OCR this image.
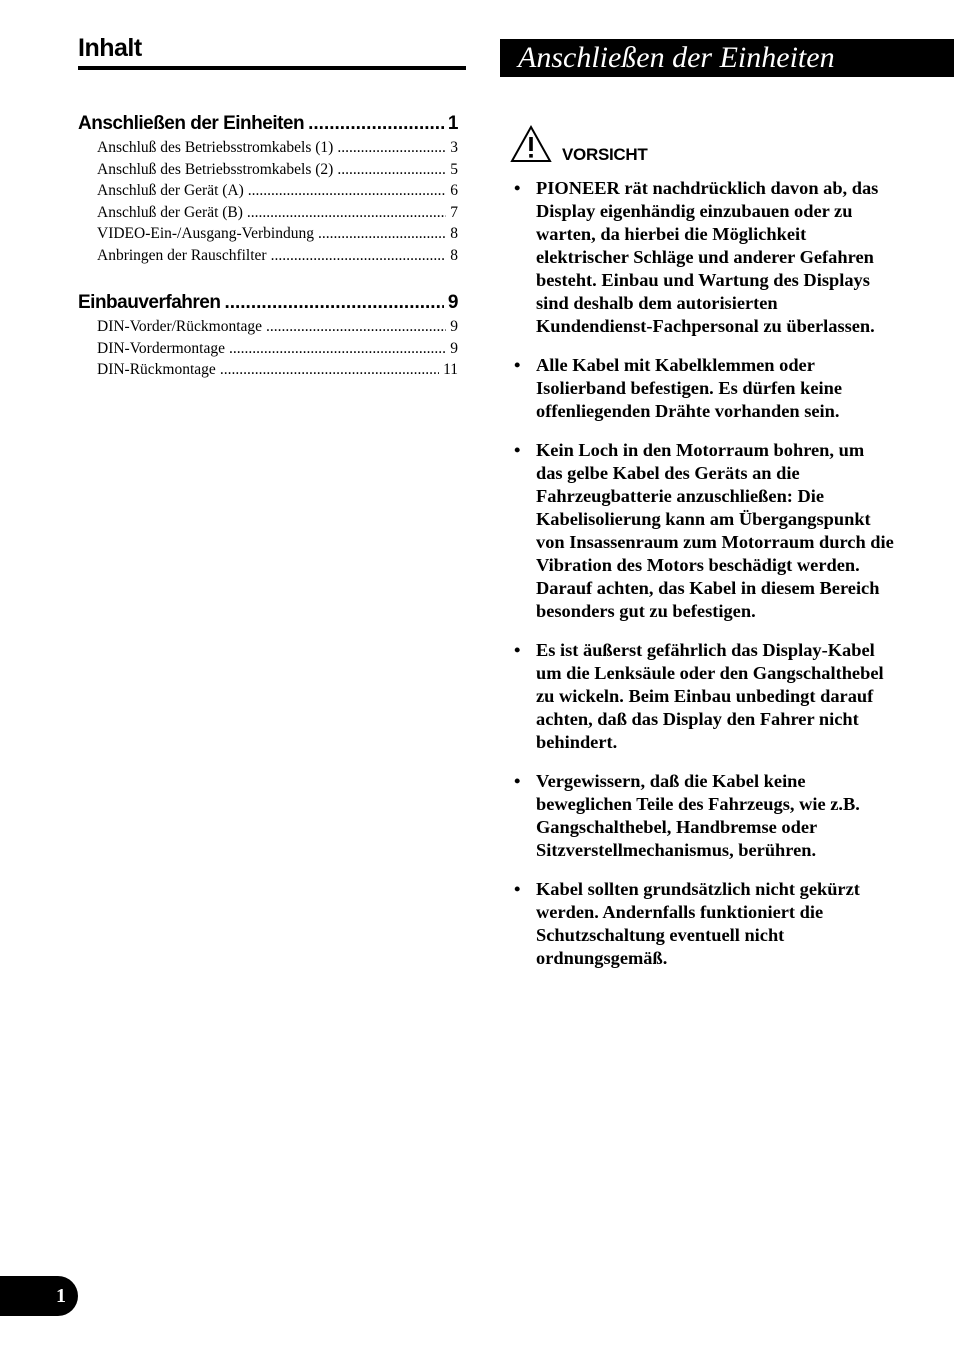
Inhalt	Anschließen der Einheiten
Anschließen der Einheiten .....	1
Anschluß des Betriebsstromkabels (1) .....	3
Anschluß des Betriebsstromkabels (2) .....	5
Anschluß der Gerät (A) .....	6
Anschluß der Gerät (B) .....	7
VIDEO-Ein-/Ausgang-Verbindung .....	8
Anbringen der Rauschfilter .....	8
Einbauverfahren .....	9
DIN-Vorder/Rückmontage .....	9
DIN-Vordermontage .....	9
DIN-Rückmontage .....	11
VORSICHT
• PIONEER rät nachdrücklich davon ab, das Display eigenhändig einzubauen oder zu warten, da hierbei die Möglichkeit elektrischer Schläge und anderer Gefahren besteht. Einbau und Wartung des Displays sind deshalb dem autorisierten Kundendienst-Fachpersonal zu überlassen.
• Alle Kabel mit Kabelklemmen oder Isolierband befestigen. Es dürfen keine offenliegenden Drähte vorhanden sein.
• Kein Loch in den Motorraum bohren, um das gelbe Kabel des Geräts an die Fahrzeugbatterie anzuschließen: Die Kabelisolierung kann am Übergangspunkt von Insassenraum zum Motorraum durch die Vibration des Motors beschädigt werden. Darauf achten, das Kabel in diesem Bereich besonders gut zu befestigen.
• Es ist äußerst gefährlich das Display-Kabel um die Lenksäule oder den Gangschalthebel zu wickeln. Beim Einbau unbedingt darauf achten, daß das Display den Fahrer nicht behindert.
• Vergewissern, daß die Kabel keine beweglichen Teile des Fahrzeugs, wie z.B. Gangschalthebel, Handbremse oder Sitzverstellmechanismus, berühren.
• Kabel sollten grundsätzlich nicht gekürzt werden. Andernfalls funktioniert die Schutzschaltung eventuell nicht ordnungsgemäß.
1
